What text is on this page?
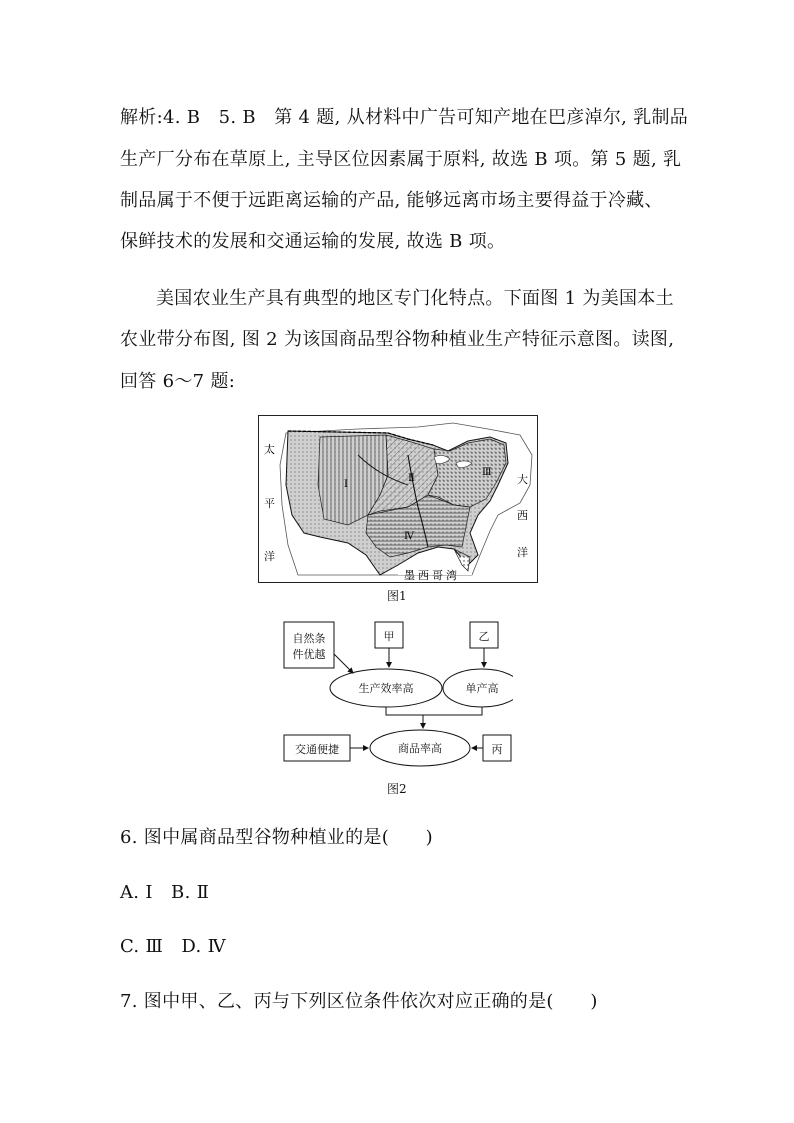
解析:4. B　5. B　第 4 题, 从材料中广告可知产地在巴彦淖尔, 乳制品
生产厂分布在草原上, 主导区位因素属于原料, 故选 B 项。第 5 题, 乳
制品属于不便于远距离运输的产品, 能够远离市场主要得益于冷藏、
保鲜技术的发展和交通运输的发展, 故选 B 项。
美国农业生产具有典型的地区专门化特点。下面图 1 为美国本土
农业带分布图, 图 2 为该国商品型谷物种植业生产特征示意图。读图,
回答 6～7 题:
太
平
洋
大
西
洋
墨西哥湾
Ⅰ
Ⅱ
Ⅲ
Ⅳ
图1
自然条
件优越
甲	乙
生产效率高	单产高
交通便捷	商品率高	丙
图2
6. 图中属商品型谷物种植业的是(　　)
A. Ⅰ　B. Ⅱ
C. Ⅲ　D. Ⅳ
7. 图中甲、乙、丙与下列区位条件依次对应正确的是(　　)
